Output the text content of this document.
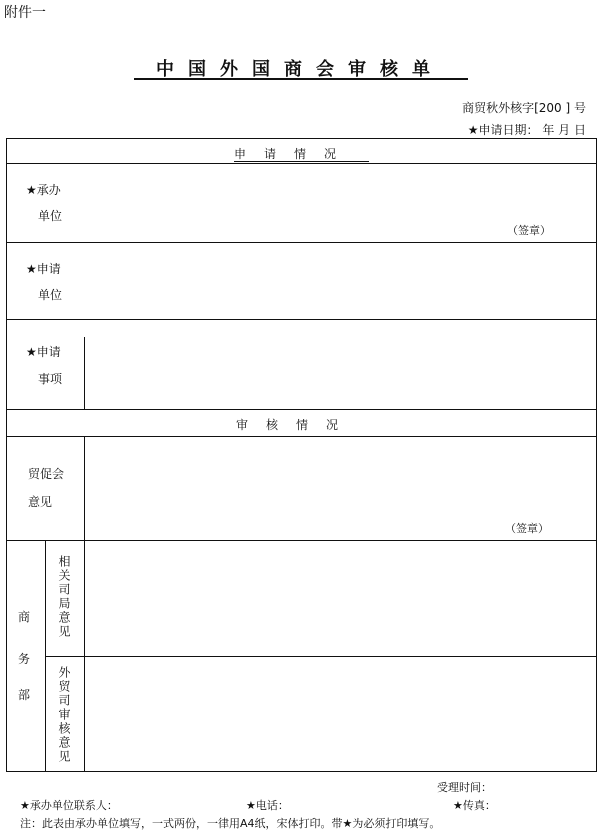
附件一
中国外国商会审核单
商贸秋外核字[200 ] 号
★申请日期： 年 月 日
申请情况
审核情况
★承办
单位
（签章）
★申请
单位
★申请
事项
贸促会
意见
（签章）
商
务
部
相关司局意见
外贸司审核意见
受理时间：
★承办单位联系人：	★电话：	★传真：
注：此表由承办单位填写，一式两份，一律用A4纸，宋体打印。带★为必须打印填写。
